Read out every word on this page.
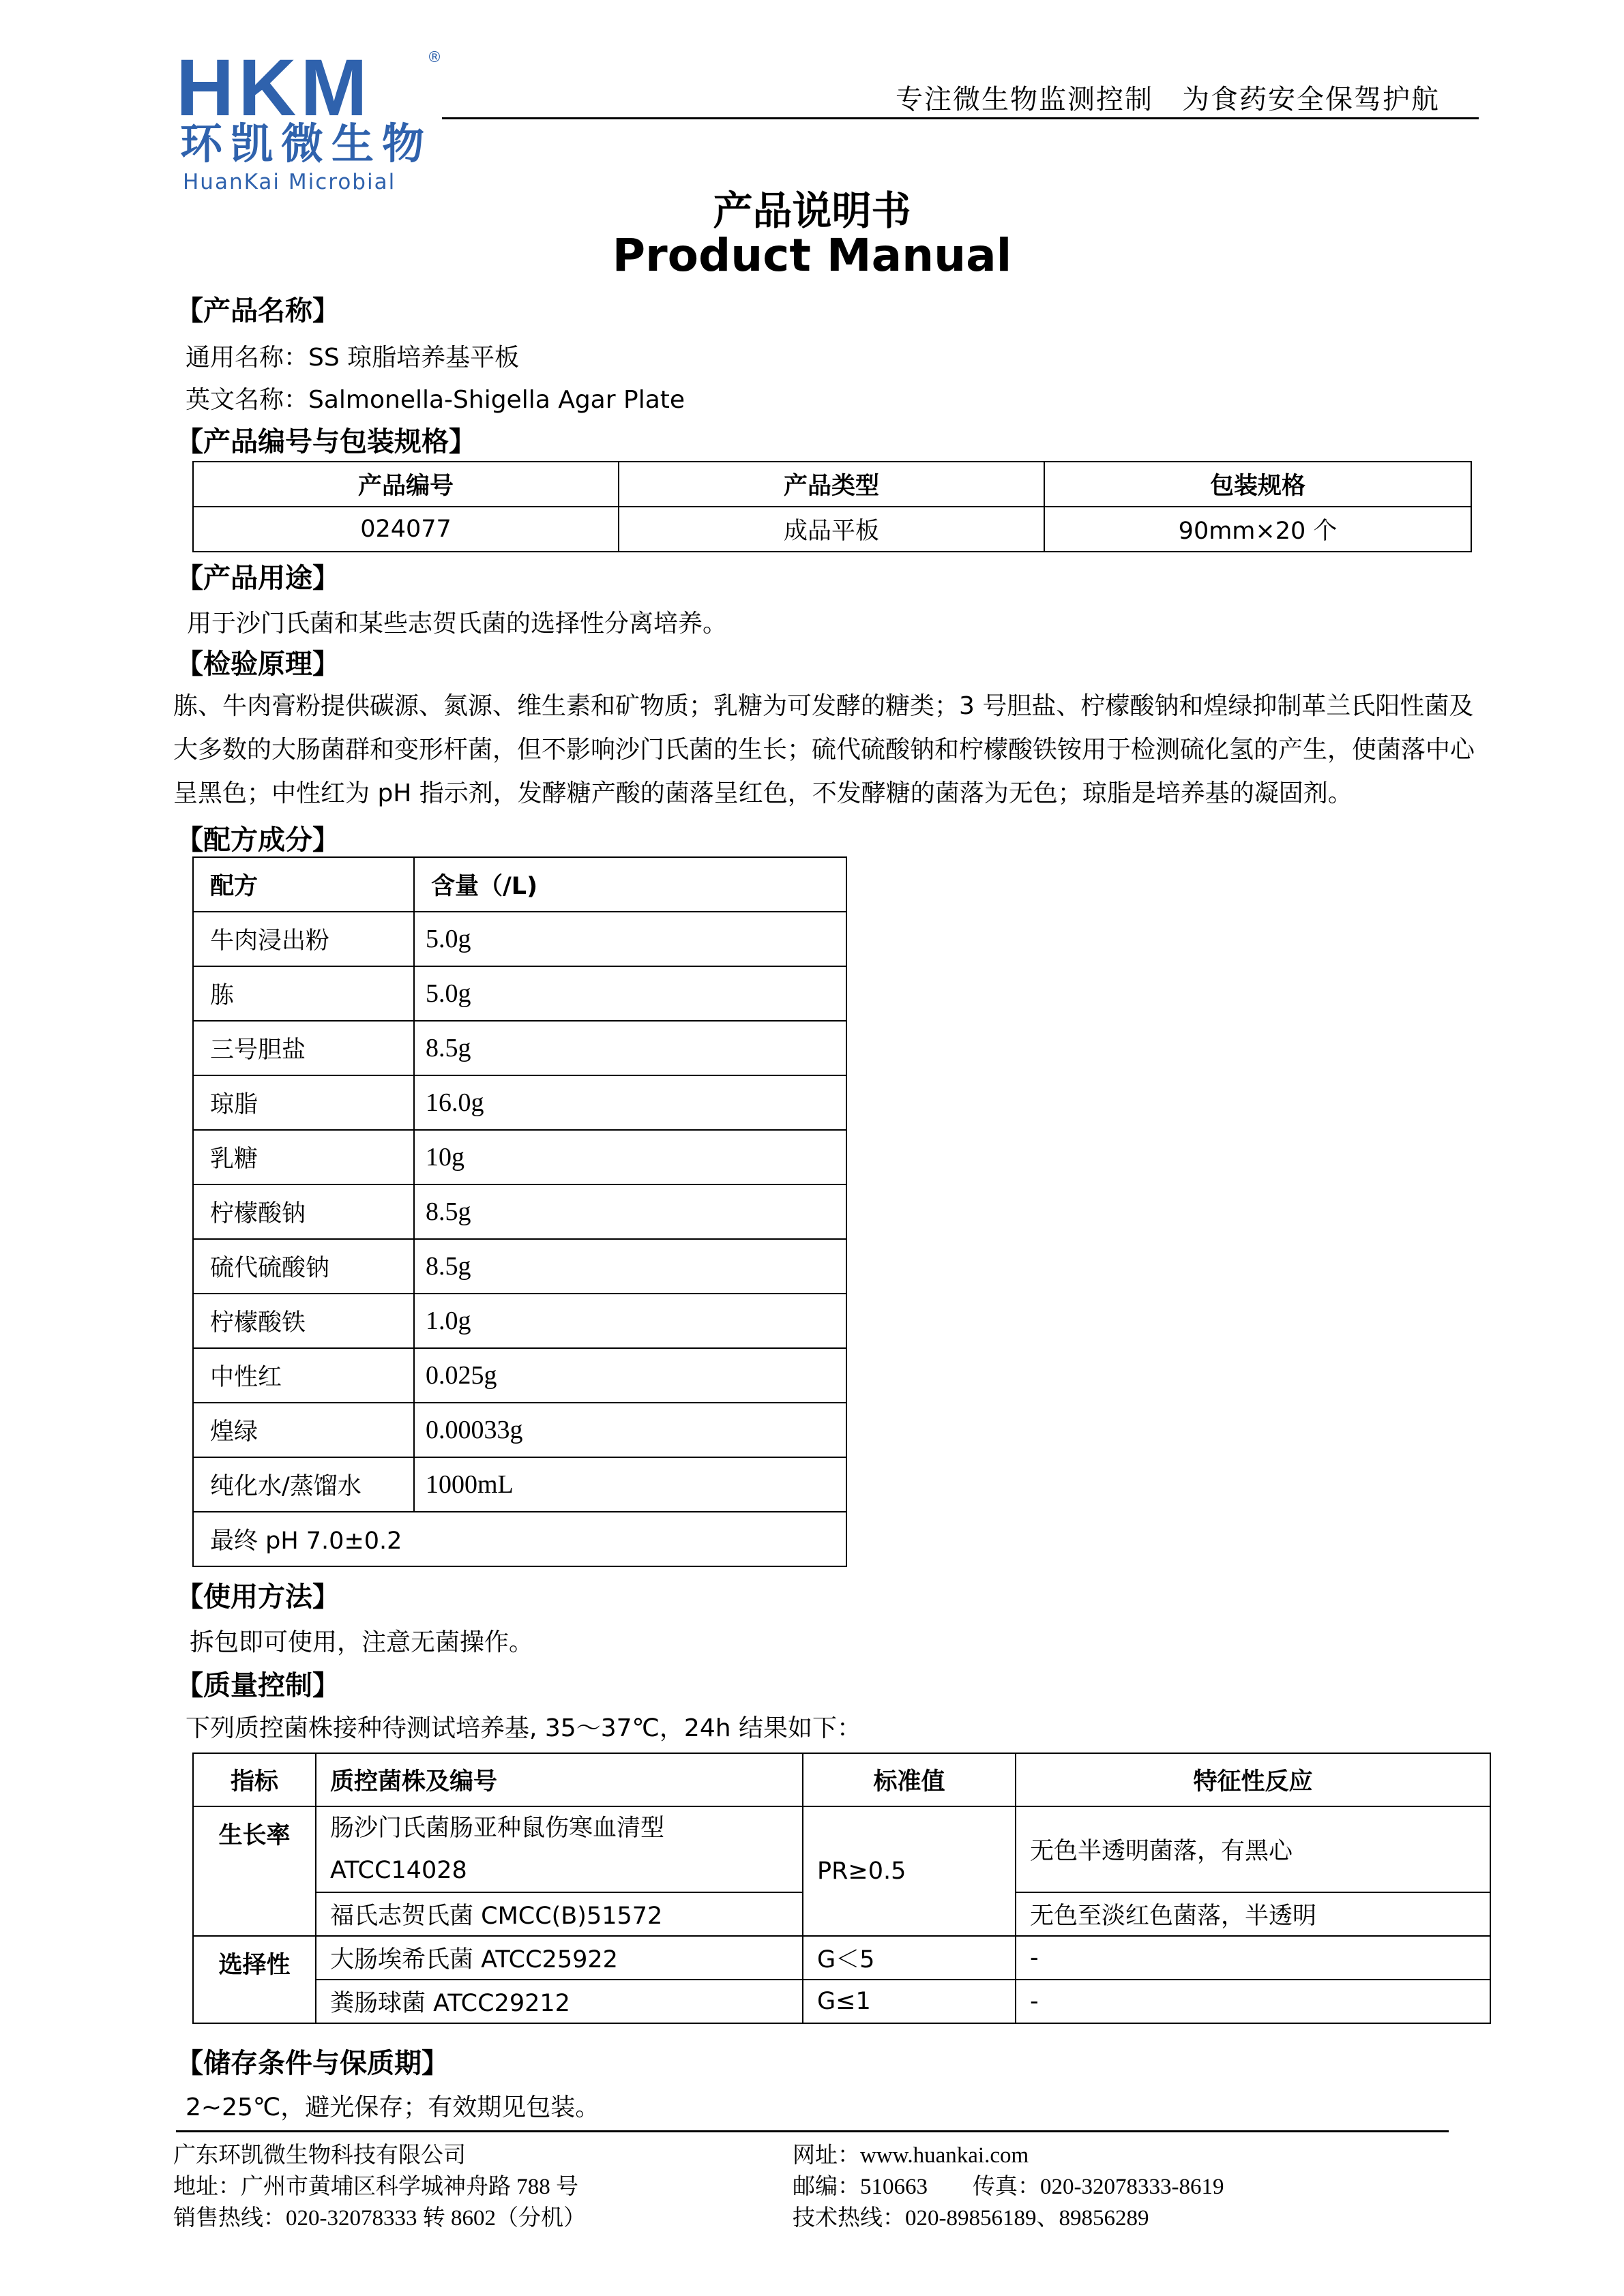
HKM	®
环凯微生物
HuanKai Microbial
专注微生物监测控制　为食药安全保驾护航
产品说明书
Product Manual
【产品名称】
通用名称：SS 琼脂培养基平板
英文名称：Salmonella-Shigella Agar Plate
【产品编号与包装规格】
产品编号	产品类型	包装规格
024077	成品平板	90mm×20 个
【产品用途】
用于沙门氏菌和某些志贺氏菌的选择性分离培养。
【检验原理】
胨、牛肉膏粉提供碳源、氮源、维生素和矿物质；乳糖为可发酵的糖类；3 号胆盐、柠檬酸钠和煌绿抑制革兰氏阳性菌及
大多数的大肠菌群和变形杆菌，但不影响沙门氏菌的生长；硫代硫酸钠和柠檬酸铁铵用于检测硫化氢的产生，使菌落中心
呈黑色；中性红为 pH 指示剂，发酵糖产酸的菌落呈红色，不发酵糖的菌落为无色；琼脂是培养基的凝固剂。
【配方成分】
配方	含量（/L)
牛肉浸出粉	5.0g
胨	5.0g
三号胆盐	8.5g
琼脂	16.0g
乳糖	10g
柠檬酸钠	8.5g
硫代硫酸钠	8.5g
柠檬酸铁	1.0g
中性红	0.025g
煌绿	0.00033g
纯化水/蒸馏水	1000mL
最终 pH 7.0±0.2	
【使用方法】
拆包即可使用，注意无菌操作。
【质量控制】
下列质控菌株接种待测试培养基, 35～37℃，24h 结果如下：
指标	质控菌株及编号	标准值	特征性反应
生长率	肠沙门氏菌肠亚种鼠伤寒血清型
ATCC14028	PR≥0.5	无色半透明菌落，有黑心
	福氏志贺氏菌 CMCC(B)51572		无色至淡红色菌落，半透明
选择性	大肠埃希氏菌 ATCC25922	G＜5	-
	粪肠球菌 ATCC29212	G≤1	-
【储存条件与保质期】
2~25℃，避光保存；有效期见包装。
广东环凯微生物科技有限公司
地址：广州市黄埔区科学城神舟路 788 号
销售热线：020-32078333 转 8602（分机）
网址：www.huankai.com
邮编：510663　　传真：020-32078333-8619
技术热线：020-89856189、89856289
